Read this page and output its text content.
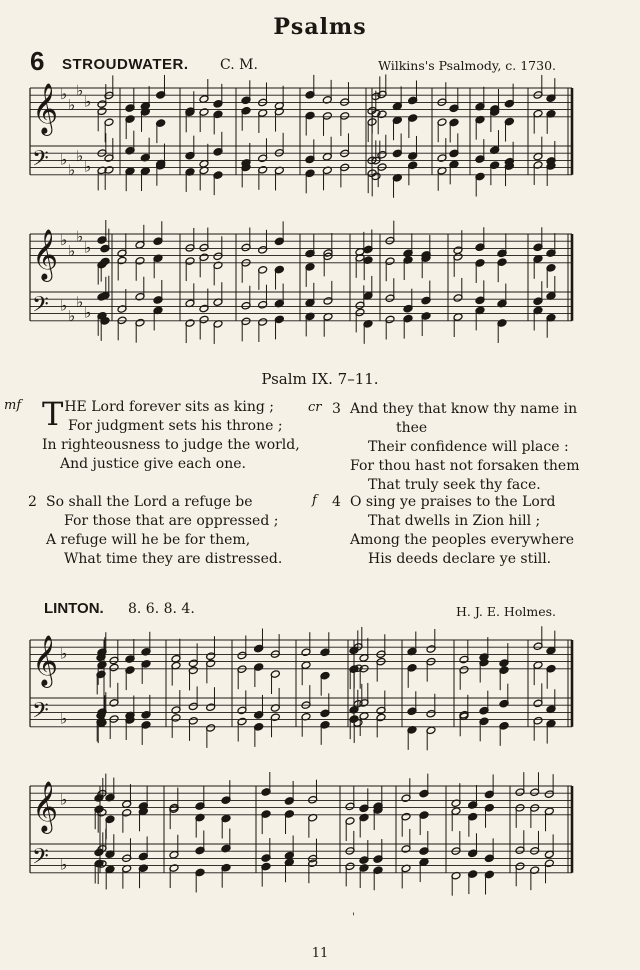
Psalms
6 STROUDWATER. C. M.	Wilkins's Psalmody, c. 1730.
𝄞 ♭
♭
♭
♭
𝄢 ♭
♭
♭
♭
𝄞 ♭
♭
♭
♭
𝄢 ♭
♭
♭
♭
𝄞 ♭
𝄢 ♭
𝄞 ♭
𝄢 ♭
Psalm IX. 7–11.
mf THE Lord forever sits as king ;
For judgment sets his throne ;
In righteousness to judge the world,
And justice give each one.
2 So shall the Lord a refuge be
For those that are oppressed ;
A refuge will he be for them,
What time they are distressed.
cr 3 And they that know thy name in
thee
Their confidence will place :
For thou hast not forsaken them
That truly seek thy face.
f 4 O sing ye praises to the Lord
That dwells in Zion hill ;
Among the peoples everywhere
His deeds declare ye still.
LINTON. 8. 6. 8. 4.	H. J. E. Holmes.
'
11
